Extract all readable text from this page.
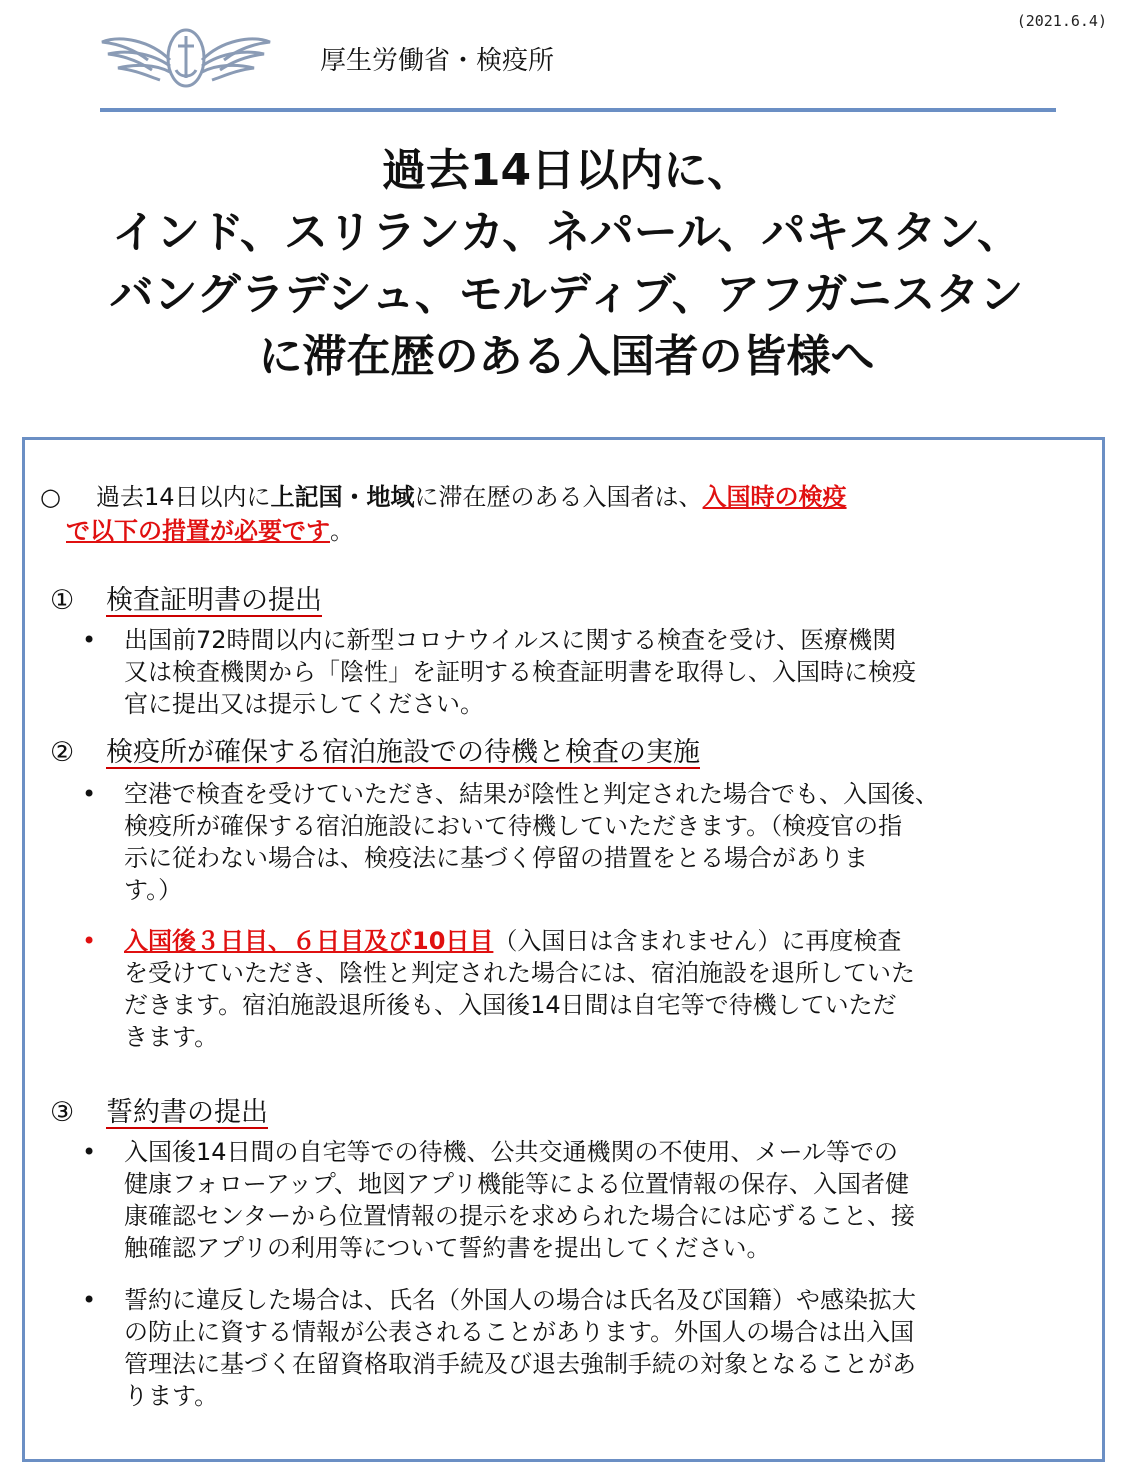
(2021.6.4)
厚生労働省・検疫所
過去14日以内に、
インド、スリランカ、ネパール、パキスタン、
バングラデシュ、モルディブ、アフガニスタン
に滞在歴のある入国者の皆様へ
○ 過去14日以内に上記国・地域に滞在歴のある入国者は、入国時の検疫
で以下の措置が必要です。
① 検査証明書の提出
• 出国前72時間以内に新型コロナウイルスに関する検査を受け、医療機関
又は検査機関から「陰性」を証明する検査証明書を取得し、入国時に検疫
官に提出又は提示してください。
② 検疫所が確保する宿泊施設での待機と検査の実施
• 空港で検査を受けていただき、結果が陰性と判定された場合でも、入国後、
検疫所が確保する宿泊施設において待機していただきます。（検疫官の指
示に従わない場合は、検疫法に基づく停留の措置をとる場合がありま
す。）
• 入国後３日目、６日目及び10日目（入国日は含まれません）に再度検査
を受けていただき、陰性と判定された場合には、宿泊施設を退所していた
だきます。宿泊施設退所後も、入国後14日間は自宅等で待機していただ
きます。
③ 誓約書の提出
• 入国後14日間の自宅等での待機、公共交通機関の不使用、メール等での
健康フォローアップ、地図アプリ機能等による位置情報の保存、入国者健
康確認センターから位置情報の提示を求められた場合には応ずること、接
触確認アプリの利用等について誓約書を提出してください。
• 誓約に違反した場合は、氏名（外国人の場合は氏名及び国籍）や感染拡大
の防止に資する情報が公表されることがあります。外国人の場合は出入国
管理法に基づく在留資格取消手続及び退去強制手続の対象となることがあ
ります。
